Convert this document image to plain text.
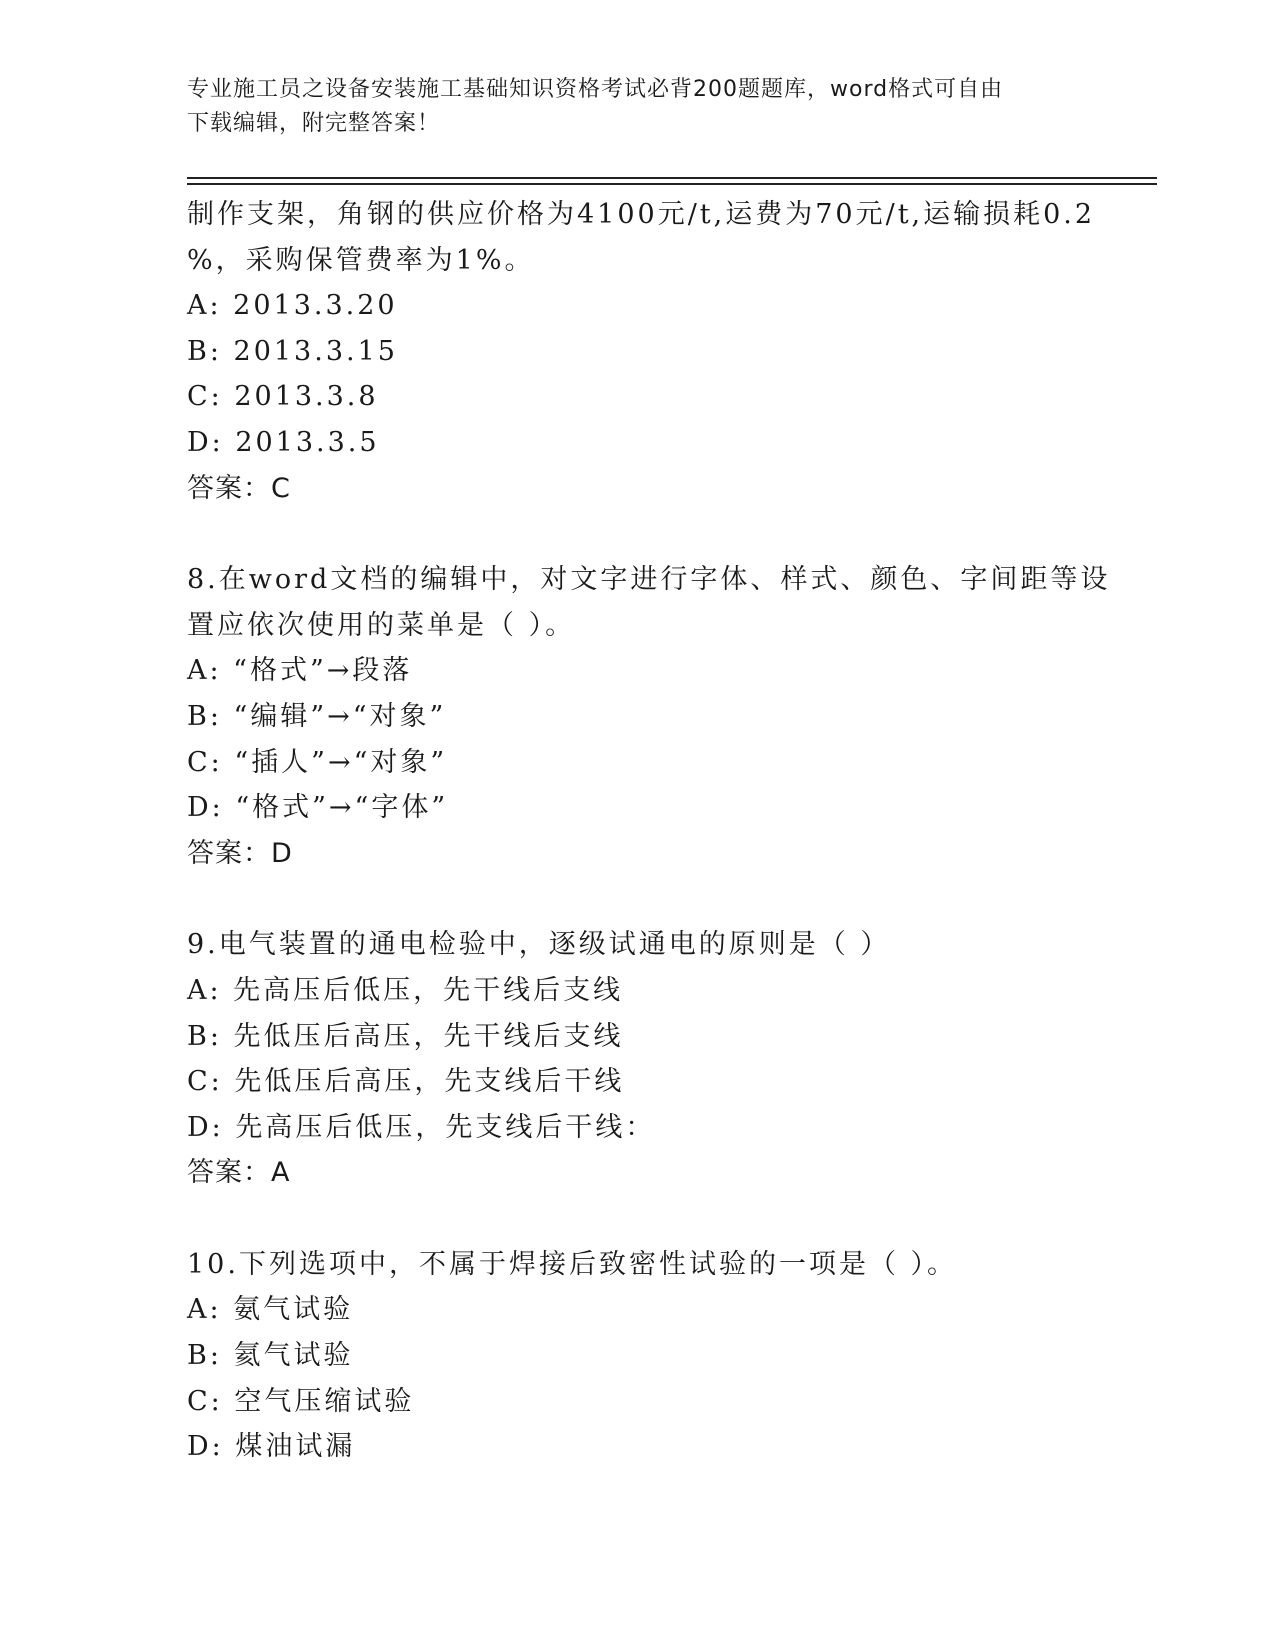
专业施工员之设备安装施工基础知识资格考试必背200题题库，word格式可自由
下载编辑，附完整答案！
制作支架，角钢的供应价格为4100元/t,运费为70元/t,运输损耗0.2
%，采购保管费率为1%。
A: 2013.3.20
B: 2013.3.15
C: 2013.3.8
D: 2013.3.5
答案：C
8.在word文档的编辑中，对文字进行字体、样式、颜色、字间距等设
置应依次使用的菜单是（ ）。
A: “格式”→段落
B: “编辑”→“对象”
C: “插人”→“对象”
D: “格式”→“字体”
答案：D
9.电气装置的通电检验中，逐级试通电的原则是（ ）
A: 先高压后低压，先干线后支线
B: 先低压后高压，先干线后支线
C: 先低压后高压，先支线后干线
D: 先高压后低压，先支线后干线：
答案：A
10.下列选项中，不属于焊接后致密性试验的一项是（ ）。
A: 氨气试验
B: 氦气试验
C: 空气压缩试验
D: 煤油试漏
